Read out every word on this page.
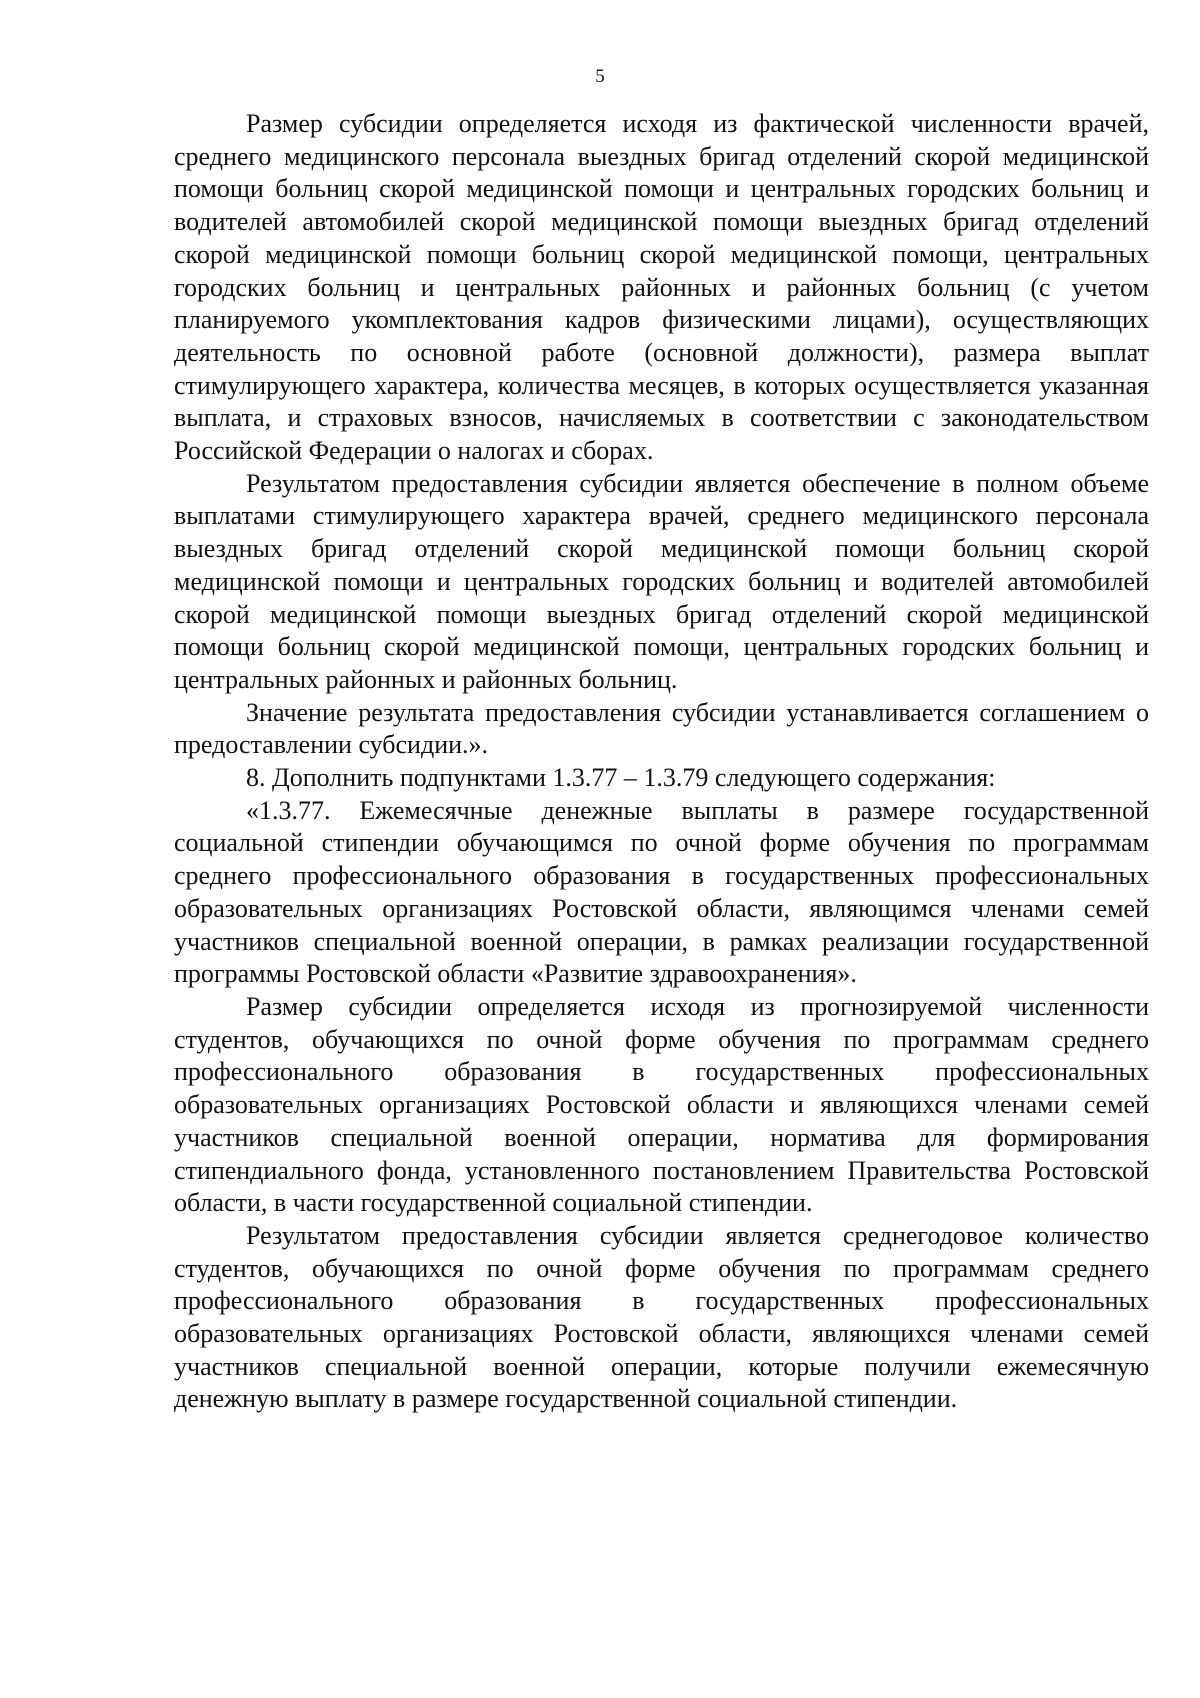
5

Размер субсидии определяется исходя из фактической численности врачей, среднего медицинского персонала выездных бригад отделений скорой медицинской помощи больниц скорой медицинской помощи и центральных городских больниц и водителей автомобилей скорой медицинской помощи выездных бригад отделений скорой медицинской помощи больниц скорой медицинской помощи, центральных городских больниц и центральных районных и районных больниц (с учетом планируемого укомплектования кадров физическими лицами), осуществляющих деятельность по основной работе (основной должности), размера выплат стимулирующего характера, количества месяцев, в которых осуществляется указанная выплата, и страховых взносов, начисляемых в соответствии с законодательством Российской Федерации о налогах и сборах.

Результатом предоставления субсидии является обеспечение в полном объеме выплатами стимулирующего характера врачей, среднего медицинского персонала выездных бригад отделений скорой медицинской помощи больниц скорой медицинской помощи и центральных городских больниц и водителей автомобилей скорой медицинской помощи выездных бригад отделений скорой медицинской помощи больниц скорой медицинской помощи, центральных городских больниц и центральных районных и районных больниц.

Значение результата предоставления субсидии устанавливается соглашением о предоставлении субсидии.».

8. Дополнить подпунктами 1.3.77 – 1.3.79 следующего содержания:

«1.3.77. Ежемесячные денежные выплаты в размере государственной социальной стипендии обучающимся по очной форме обучения по программам среднего профессионального образования в государственных профессиональных образовательных организациях Ростовской области, являющимся членами семей участников специальной военной операции, в рамках реализации государственной программы Ростовской области «Развитие здравоохранения».

Размер субсидии определяется исходя из прогнозируемой численности студентов, обучающихся по очной форме обучения по программам среднего профессионального образования в государственных профессиональных образовательных организациях Ростовской области и являющихся членами семей участников специальной военной операции, норматива для формирования стипендиального фонда, установленного постановлением Правительства Ростовской области, в части государственной социальной стипендии.

Результатом предоставления субсидии является среднегодовое количество студентов, обучающихся по очной форме обучения по программам среднего профессионального образования в государственных профессиональных образовательных организациях Ростовской области, являющихся членами семей участников специальной военной операции, которые получили ежемесячную денежную выплату в размере государственной социальной стипендии.
